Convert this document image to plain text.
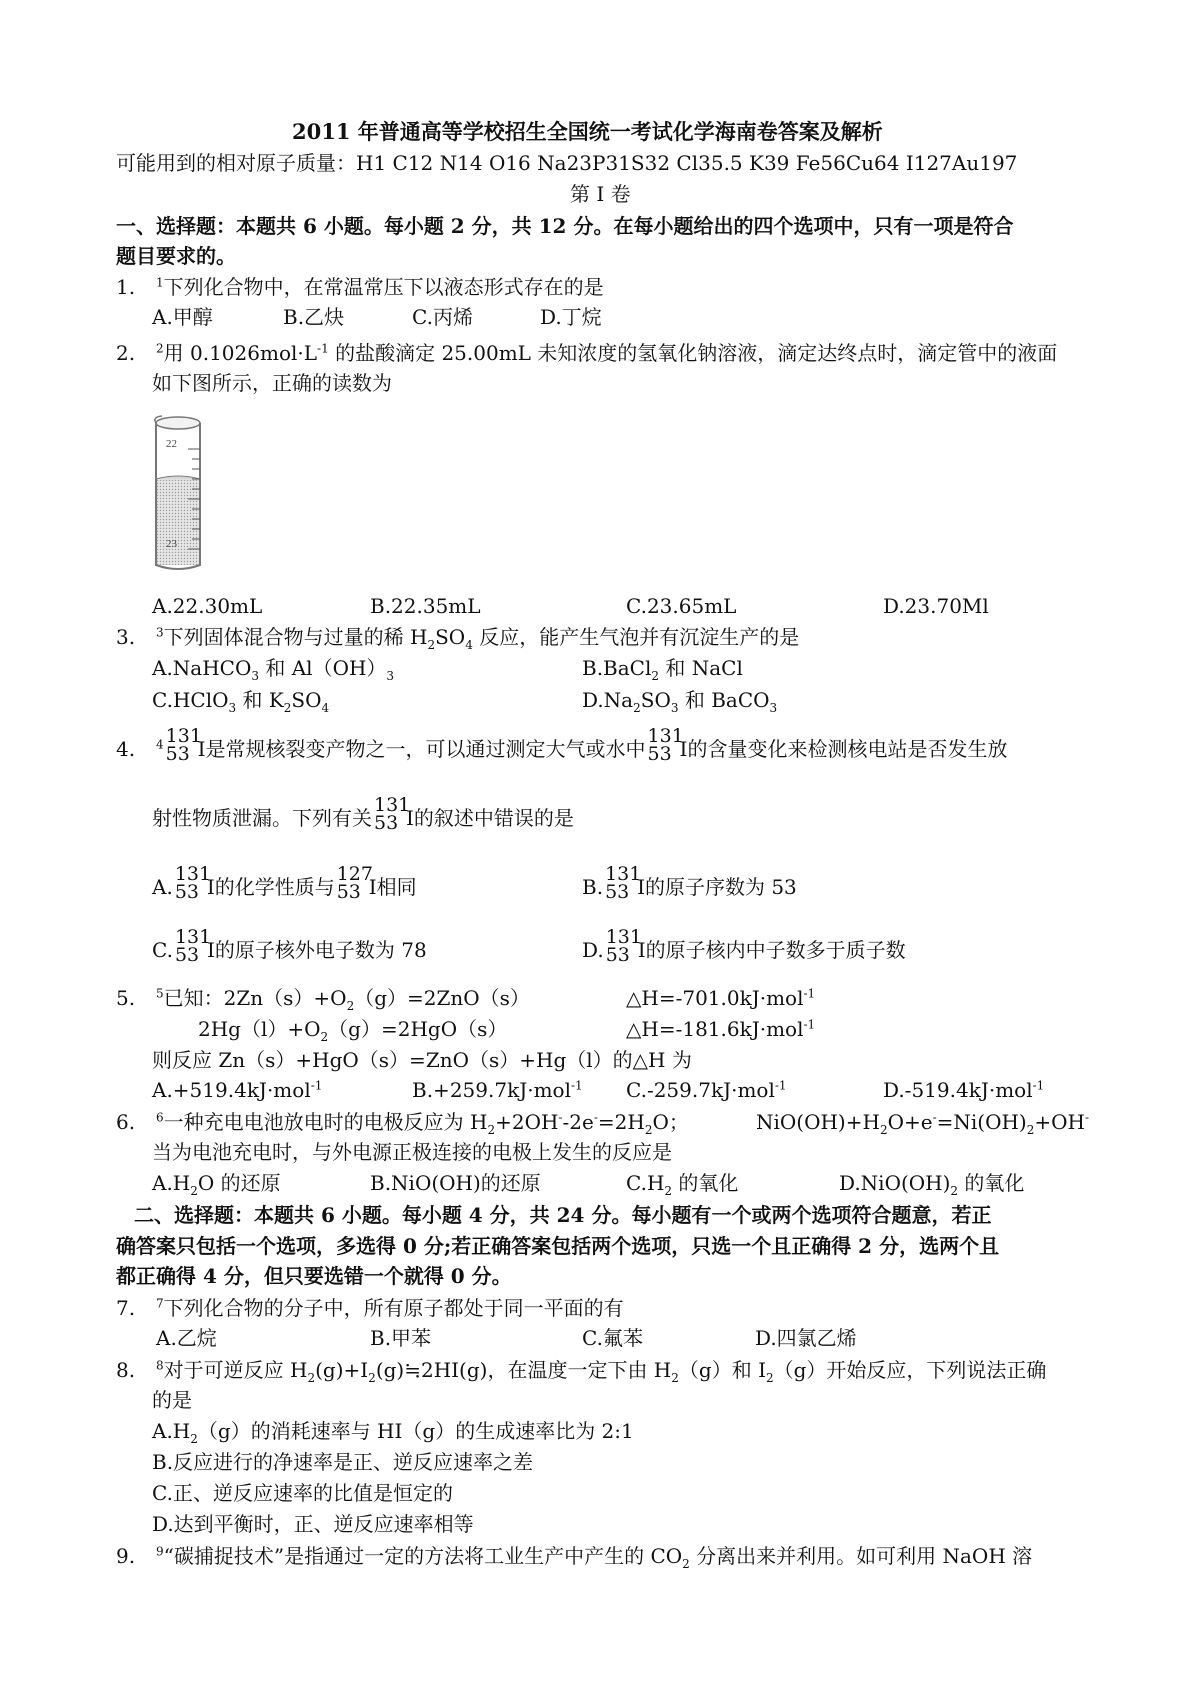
2011 年普通高等学校招生全国统一考试化学海南卷答案及解析
可能用到的相对原子质量：H1 C12 N14 O16 Na23P31S32 Cl35.5 K39 Fe56Cu64 I127Au197
第 I 卷
一、选择题：本题共 6 小题。每小题 2 分，共 12 分。在每小题给出的四个选项中，只有一项是符合
题目要求的。
1. $^1$下列化合物中，在常温常压下以液态形式存在的是
A.甲醇	B.乙炔	C.丙烯	D.丁烷
2. $^2$用 $0.1026mol\cdot L^{-1}$ 的盐酸滴定 25.00mL 未知浓度的氢氧化钠溶液，滴定达终点时，滴定管中的液面
如下图所示，正确的读数为
22
23
A.22.30mL	B.22.35mL	C.23.65mL	D.23.70Ml
3. $^3$下列固体混合物与过量的稀 $H_2SO_4$ 反应，能产生气泡并有沉淀生产的是
A.NaHCO$_3$ 和 $Al(OH)_3$	B.BaCl$_2$ 和 NaCl
C.HClO$_3$ 和 $K_2SO_4$	$D.Na_2SO_3$ 和 BaCO$_3$
4. $^4$ 131
53 I是常规核裂变产物之一，可以通过测定大气或水中
131
53 I的含量变化来检测核电站是否发生放
射性物质泄漏。下列有关
131
53 I的叙述中错误的是
A.
131
53 I的化学性质与
127
53 I相同	B.
131
53 I的原子序数为 53
C.
131
53 I的原子核外电子数为 78	D.
131
53 I的原子核内中子数多于质子数
5. $^5$已知：$2Zn(s)+O_2(g)=2ZnO(s)$	△H=-701.0kJ·mol$^{-1}$
$2Hg(l)+O_2(g)=2HgO(s)$	△H=-181.6kJ·mol$^{-1}$
则反应 Zn（s）+HgO（s）=ZnO（s）+Hg（l）的△H 为
A.+519.4kJ·mol$^{-1}$	B.+259.7kJ·mol$^{-1}$ C.-259.7kJ·mol$^{-1}$	D.-519.4kJ·mol$^{-1}$
6. $^6$一种充电电池放电时的电极反应为 $H_2+2OH^--2e^-=2H_2O$；	$NiO(OH)+H_2O+e^-=Ni(OH)_2+OH^-$
当为电池充电时，与外电源正极连接的电极上发生的反应是
$A.H_2O$ 的还原	B.NiO(OH)的还原	$C.H_2$ 的氧化	$D.NiO(OH)_2$ 的氧化
二、选择题：本题共 6 小题。每小题 4 分，共 24 分。每小题有一个或两个选项符合题意，若正
确答案只包括一个选项，多选得 0 分;若正确答案包括两个选项，只选一个且正确得 2 分，选两个且
都正确得 4 分，但只要选错一个就得 0 分。
7. $^7$下列化合物的分子中，所有原子都处于同一平面的有
A.乙烷	B.甲苯	C.氟苯	D.四氯乙烯
8. $^8$对于可逆反应 $H_2(g)+I_2(g)≒2HI(g)$，在温度一定下由 $H_2(g)$和 $I_2(g)$开始反应，下列说法正确
的是
$A.H_2(g)$的消耗速率与 HI（g）的生成速率比为 2:1
B.反应进行的净速率是正、逆反应速率之差
C.正、逆反应速率的比值是恒定的
D.达到平衡时，正、逆反应速率相等
9. $^9$“碳捕捉技术”是指通过一定的方法将工业生产中产生的 $CO_2$ 分离出来并利用。如可利用 NaOH 溶
